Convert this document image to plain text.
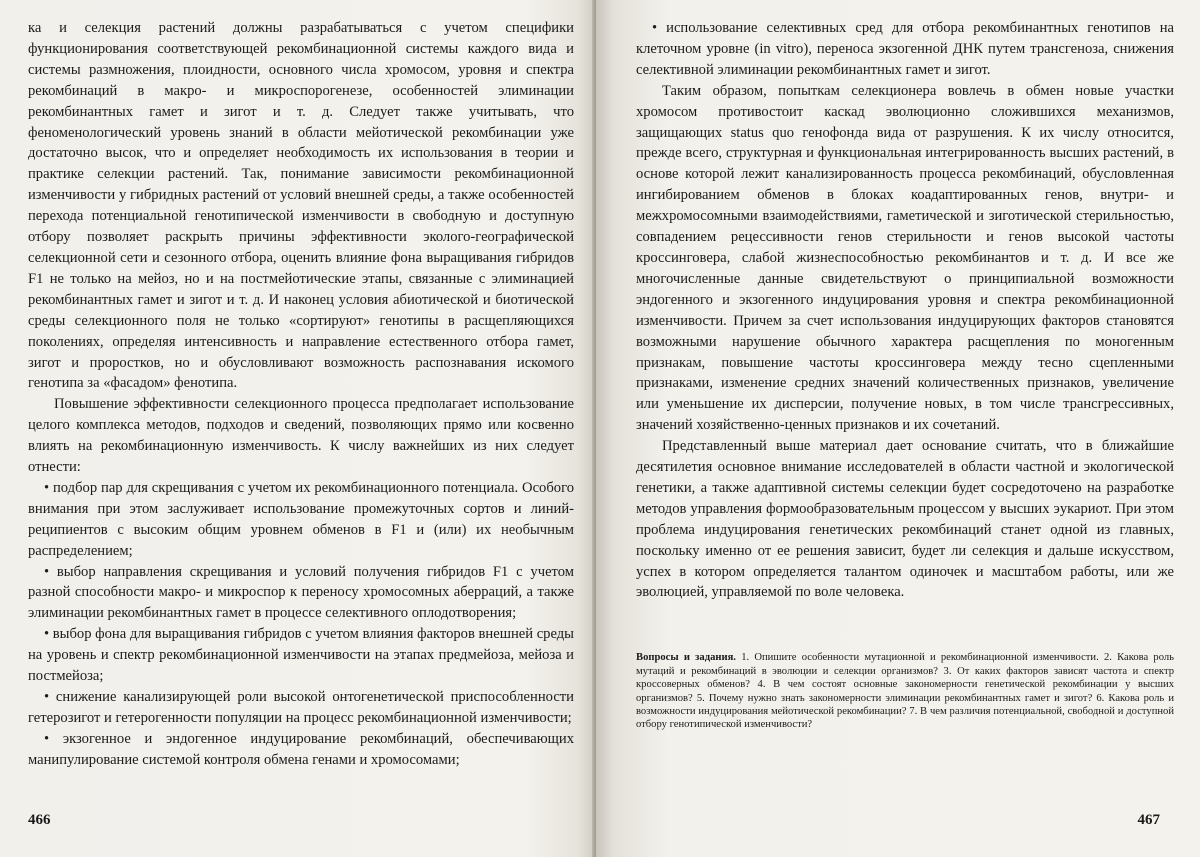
ка и селекция растений должны разрабатываться с учетом специфики функционирования соответствующей рекомбинационной системы каждого вида и системы размножения, плоидности, основного числа хромосом, уровня и спектра рекомбинаций в макро- и микроспорогенезе, особенностей элиминации рекомбинантных гамет и зигот и т. д. Следует также учитывать, что феноменологический уровень знаний в области мейотической рекомбинации уже достаточно высок, что и определяет необходимость их использования в теории и практике селекции растений. Так, понимание зависимости рекомбинационной изменчивости у гибридных растений от условий внешней среды, а также особенностей перехода потенциальной генотипической изменчивости в свободную и доступную отбору позволяет раскрыть причины эффективности эколого-географической селекционной сети и сезонного отбора, оценить влияние фона выращивания гибридов F1 не только на мейоз, но и на постмейотические этапы, связанные с элиминацией рекомбинантных гамет и зигот и т. д. И наконец условия абиотической и биотической среды селекционного поля не только «сортируют» генотипы в расщепляющихся поколениях, определяя интенсивность и направление естественного отбора гамет, зигот и проростков, но и обусловливают возможность распознавания искомого генотипа за «фасадом» фенотипа.

Повышение эффективности селекционного процесса предполагает использование целого комплекса методов, подходов и сведений, позволяющих прямо или косвенно влиять на рекомбинационную изменчивость. К числу важнейших из них следует отнести:

• подбор пар для скрещивания с учетом их рекомбинационного потенциала. Особого внимания при этом заслуживает использование промежуточных сортов и линий-реципиентов с высоким общим уровнем обменов в F1 и (или) их необычным распределением;

• выбор направления скрещивания и условий получения гибридов F1 с учетом разной способности макро- и микроспор к переносу хромосомных аберраций, а также элиминации рекомбинантных гамет в процессе селективного оплодотворения;

• выбор фона для выращивания гибридов с учетом влияния факторов внешней среды на уровень и спектр рекомбинационной изменчивости на этапах предмейоза, мейоза и постмейоза;

• снижение канализирующей роли высокой онтогенетической приспособленности гетерозигот и гетерогенности популяции на процесс рекомбинационной изменчивости;

• экзогенное и эндогенное индуцирование рекомбинаций, обеспечивающих манипулирование системой контроля обмена генами и хромосомами;

466

• использование селективных сред для отбора рекомбинантных генотипов на клеточном уровне (in vitro), переноса экзогенной ДНК путем трансгеноза, снижения селективной элиминации рекомбинантных гамет и зигот.

Таким образом, попыткам селекционера вовлечь в обмен новые участки хромосом противостоит каскад эволюционно сложившихся механизмов, защищающих status quo генофонда вида от разрушения. К их числу относится, прежде всего, структурная и функциональная интегрированность высших растений, в основе которой лежит канализированность процесса рекомбинаций, обусловленная ингибированием обменов в блоках коадаптированных генов, внутри- и межхромосомными взаимодействиями, гаметической и зиготической стерильностью, совпадением рецессивности генов стерильности и генов высокой частоты кроссинговера, слабой жизнеспособностью рекомбинантов и т. д. И все же многочисленные данные свидетельствуют о принципиальной возможности эндогенного и экзогенного индуцирования уровня и спектра рекомбинационной изменчивости. Причем за счет использования индуцирующих факторов становятся возможными нарушение обычного характера расщепления по моногенным признакам, повышение частоты кроссинговера между тесно сцепленными признаками, изменение средних значений количественных признаков, увеличение или уменьшение их дисперсии, получение новых, в том числе трансгрессивных, значений хозяйственно-ценных признаков и их сочетаний.

Представленный выше материал дает основание считать, что в ближайшие десятилетия основное внимание исследователей в области частной и экологической генетики, а также адаптивной системы селекции будет сосредоточено на разработке методов управления формообразовательным процессом у высших эукариот. При этом проблема индуцирования генетических рекомбинаций станет одной из главных, поскольку именно от ее решения зависит, будет ли селекция и дальше искусством, успех в котором определяется талантом одиночек и масштабом работы, или же эволюцией, управляемой по воле человека.

Вопросы и задания. 1. Опишите особенности мутационной и рекомбинационной изменчивости. 2. Какова роль мутаций и рекомбинаций в эволюции и селекции организмов? 3. От каких факторов зависят частота и спектр кроссоверных обменов? 4. В чем состоят основные закономерности генетической рекомбинации у высших организмов? 5. Почему нужно знать закономерности элиминации рекомбинантных гамет и зигот? 6. Какова роль и возможности индуцирования мейотической рекомбинации? 7. В чем различия потенциальной, свободной и доступной отбору генотипической изменчивости?

467
